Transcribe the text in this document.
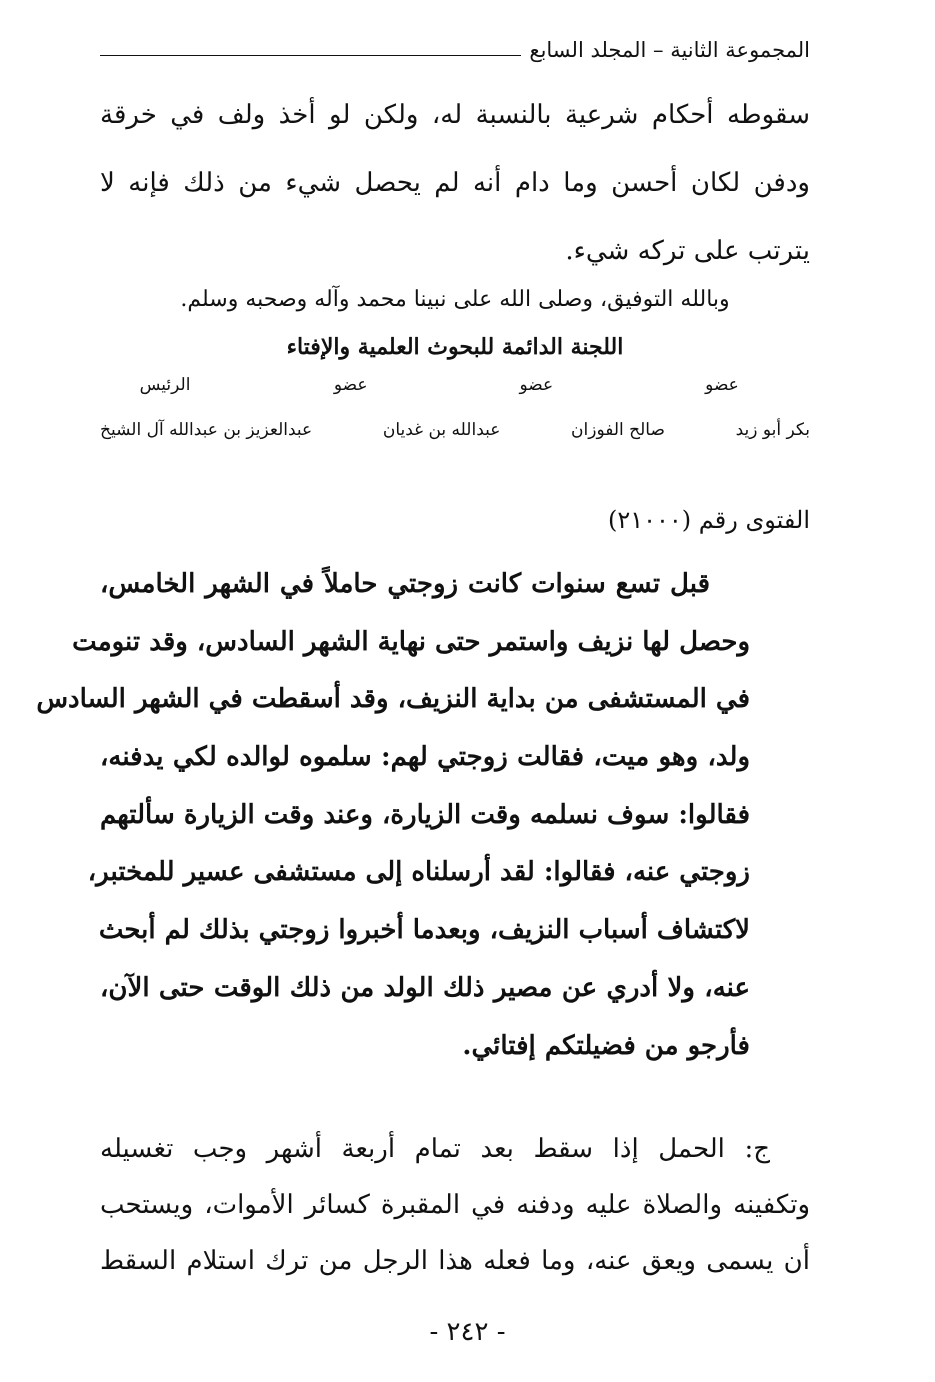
المجموعة الثانية – المجلد السابع
سقوطه أحكام شرعية بالنسبة له، ولكن لو أخذ ولف في خرقة
ودفن لكان أحسن وما دام أنه لم يحصل شيء من ذلك فإنه لا
يترتب على تركه شيء.
وبالله التوفيق، وصلى الله على نبينا محمد وآله وصحبه وسلم.
اللجنة الدائمة للبحوث العلمية والإفتاء
عضو
عضو
عضو
الرئيس
بكر أبو زيد
صالح الفوزان
عبدالله بن غديان
عبدالعزيز بن عبدالله آل الشيخ
الفتوى رقم (٢١٠٠٠)
قبل تسع سنوات كانت زوجتي حاملاً في الشهر الخامس،
وحصل لها نزيف واستمر حتى نهاية الشهر السادس، وقد تنومت
في المستشفى من بداية النزيف، وقد أسقطت في الشهر السادس
ولد، وهو ميت، فقالت زوجتي لهم: سلموه لوالده لكي يدفنه،
فقالوا: سوف نسلمه وقت الزيارة، وعند وقت الزيارة سألتهم
زوجتي عنه، فقالوا: لقد أرسلناه إلى مستشفى عسير للمختبر،
لاكتشاف أسباب النزيف، وبعدما أخبروا زوجتي بذلك لم أبحث
عنه، ولا أدري عن مصير ذلك الولد من ذلك الوقت حتى الآن،
فأرجو من فضيلتكم إفتائي.
ج: الحمل إذا سقط بعد تمام أربعة أشهر وجب تغسيله
وتكفينه والصلاة عليه ودفنه في المقبرة كسائر الأموات، ويستحب
أن يسمى ويعق عنه، وما فعله هذا الرجل من ترك استلام السقط
- ٢٤٢ -
